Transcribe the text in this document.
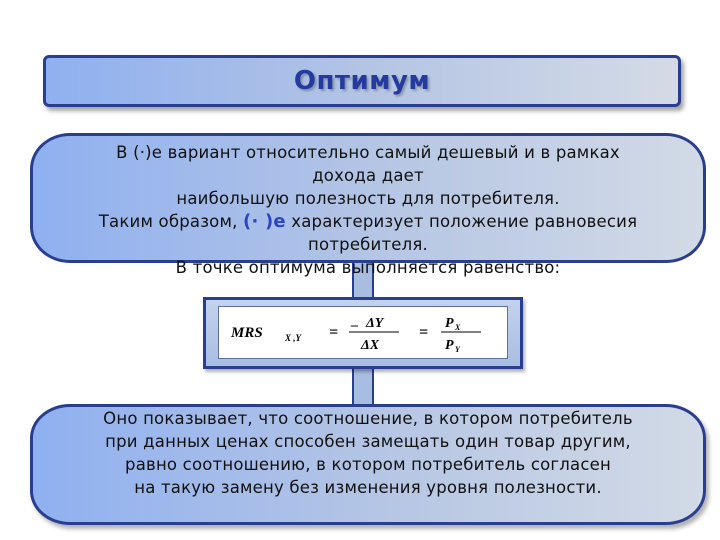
Оптимум
В (·)е вариант относительно самый дешевый и в рамках
дохода дает
наибольшую полезность для потребителя.
Таким образом, (· )е характеризует положение равновесия
потребителя.
В точке оптимума выполняется равенство:
MRS X ,Y = – ΔY
ΔX
=
P X
P Y
Оно показывает, что соотношение, в котором потребитель
при данных ценах способен замещать один товар другим,
равно соотношению, в котором потребитель согласен
на такую замену без изменения уровня полезности.
